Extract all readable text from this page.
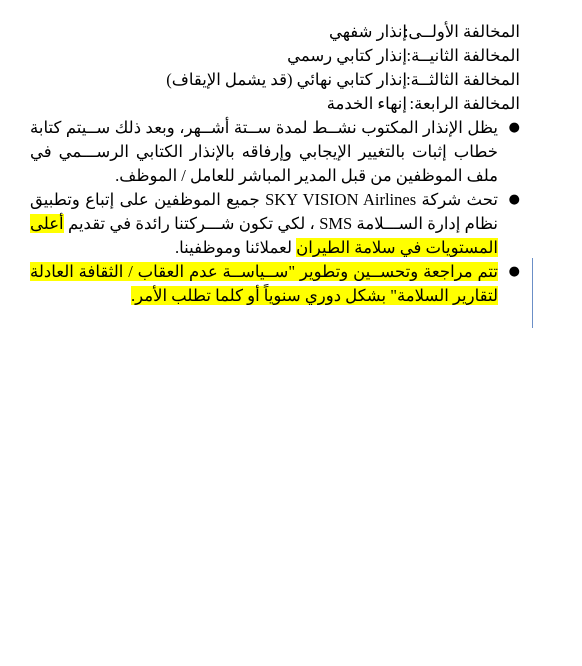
المخالفة الأولــى:
إنذار شفهي
المخالفة الثانيــة:
إنذار كتابي رسمي
المخالفة الثالثــة:
إنذار كتابي نهائي (قد يشمل الإيقاف)
المخالفة الرابعة:
إنهاء الخدمة
●
يظل الإنذار المكتوب نشــط لمدة ســتة أشــهر، وبعد ذلك ســيتم كتابة خطاب إثبات بالتغيير الإيجابي وإرفاقه بالإنذار الكتابي الرســـمي في ملف الموظفين من قبل المدير المباشر للعامل / الموظف.
●
تحث شركة SKY VISION Airlines جميع الموظفين على إتباع وتطبيق نظام إدارة الســـلامة SMS ، لكي تكون شـــركتنا رائدة في تقديم أعلى المستويات في سلامة الطيران لعملائنا وموظفينا.
●
تتم مراجعة وتحســين وتطوير "ســياســة عدم العقاب / الثقافة العادلة لتقارير السلامة" بشكل دوري سنوياً أو كلما تطلب الأمر.
